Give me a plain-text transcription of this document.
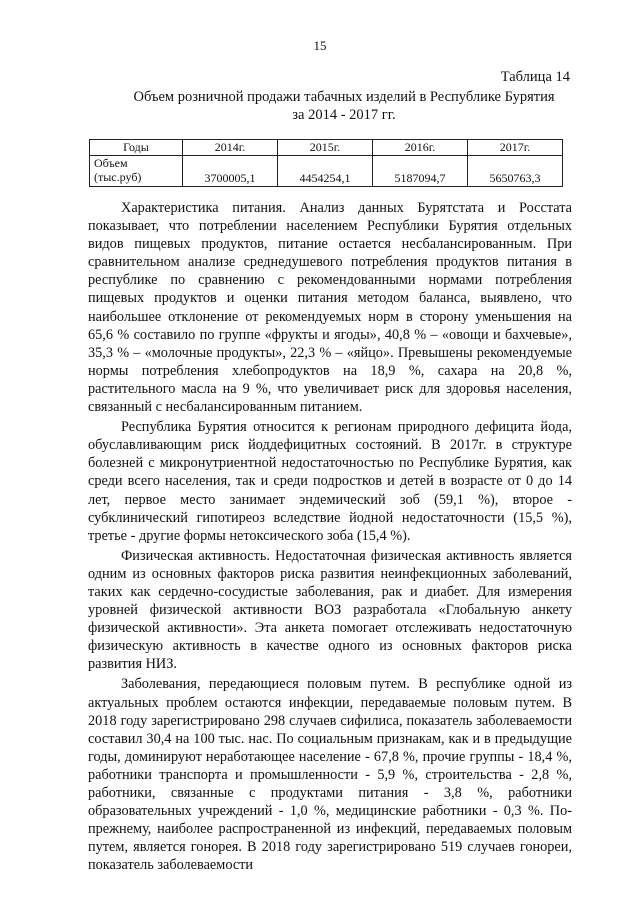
15
Таблица 14
Объем розничной продажи табачных изделий в Республике Бурятия
за 2014 - 2017 гг.
Годы	2014г.	2015г.	2016г.	2017г.

Объем
(тыс.руб)	3700005,1	4454254,1	5187094,7	5650763,3

Характеристика питания. Анализ данных Бурятстата и Росстата показывает, что потреблении населением Республики Бурятия отдельных видов пищевых продуктов, питание остается несбалансированным. При сравнительном анализе среднедушевого потребления продуктов питания в республике по сравнению с рекомендованными нормами потребления пищевых продуктов и оценки питания методом баланса, выявлено, что наибольшее отклонение от рекомендуемых норм в сторону уменьшения на 65,6 % составило по группе «фрукты и ягоды», 40,8 % – «овощи и бахчевые», 35,3 % – «молочные продукты», 22,3 % – «яйцо». Превышены рекомендуемые нормы потребления хлебопродуктов на 18,9 %, сахара на 20,8 %, растительного масла на 9 %, что увеличивает риск для здоровья населения, связанный с несбалансированным питанием.

Республика Бурятия относится к регионам природного дефицита йода, обуславливающим риск йоддефицитных состояний. В 2017г. в структуре болезней с микронутриентной недостаточностью по Республике Бурятия, как среди всего населения, так и среди подростков и детей в возрасте от 0 до 14 лет, первое место занимает эндемический зоб (59,1 %), второе - субклинический гипотиреоз вследствие йодной недостаточности (15,5 %), третье - другие формы нетоксического зоба (15,4 %).

Физическая активность. Недостаточная физическая активность является одним из основных факторов риска развития неинфекционных заболеваний, таких как сердечно-сосудистые заболевания, рак и диабет. Для измерения уровней физической активности ВОЗ разработала «Глобальную анкету физической активности». Эта анкета помогает отслеживать недостаточную физическую активность в качестве одного из основных факторов риска развития НИЗ.

Заболевания, передающиеся половым путем. В республике одной из актуальных проблем остаются инфекции, передаваемые половым путем. В 2018 году зарегистрировано 298 случаев сифилиса, показатель заболеваемости составил 30,4 на 100 тыс. нас. По социальным признакам, как и в предыдущие годы, доминируют неработающее население - 67,8 %, прочие группы - 18,4 %, работники транспорта и промышленности - 5,9 %, строительства - 2,8 %, работники, связанные с продуктами питания - 3,8 %, работники образовательных учреждений - 1,0 %, медицинские работники - 0,3 %. По-прежнему, наиболее распространенной из инфекций, передаваемых половым путем, является гонорея. В 2018 году зарегистрировано 519 случаев гонореи, показатель заболеваемости
